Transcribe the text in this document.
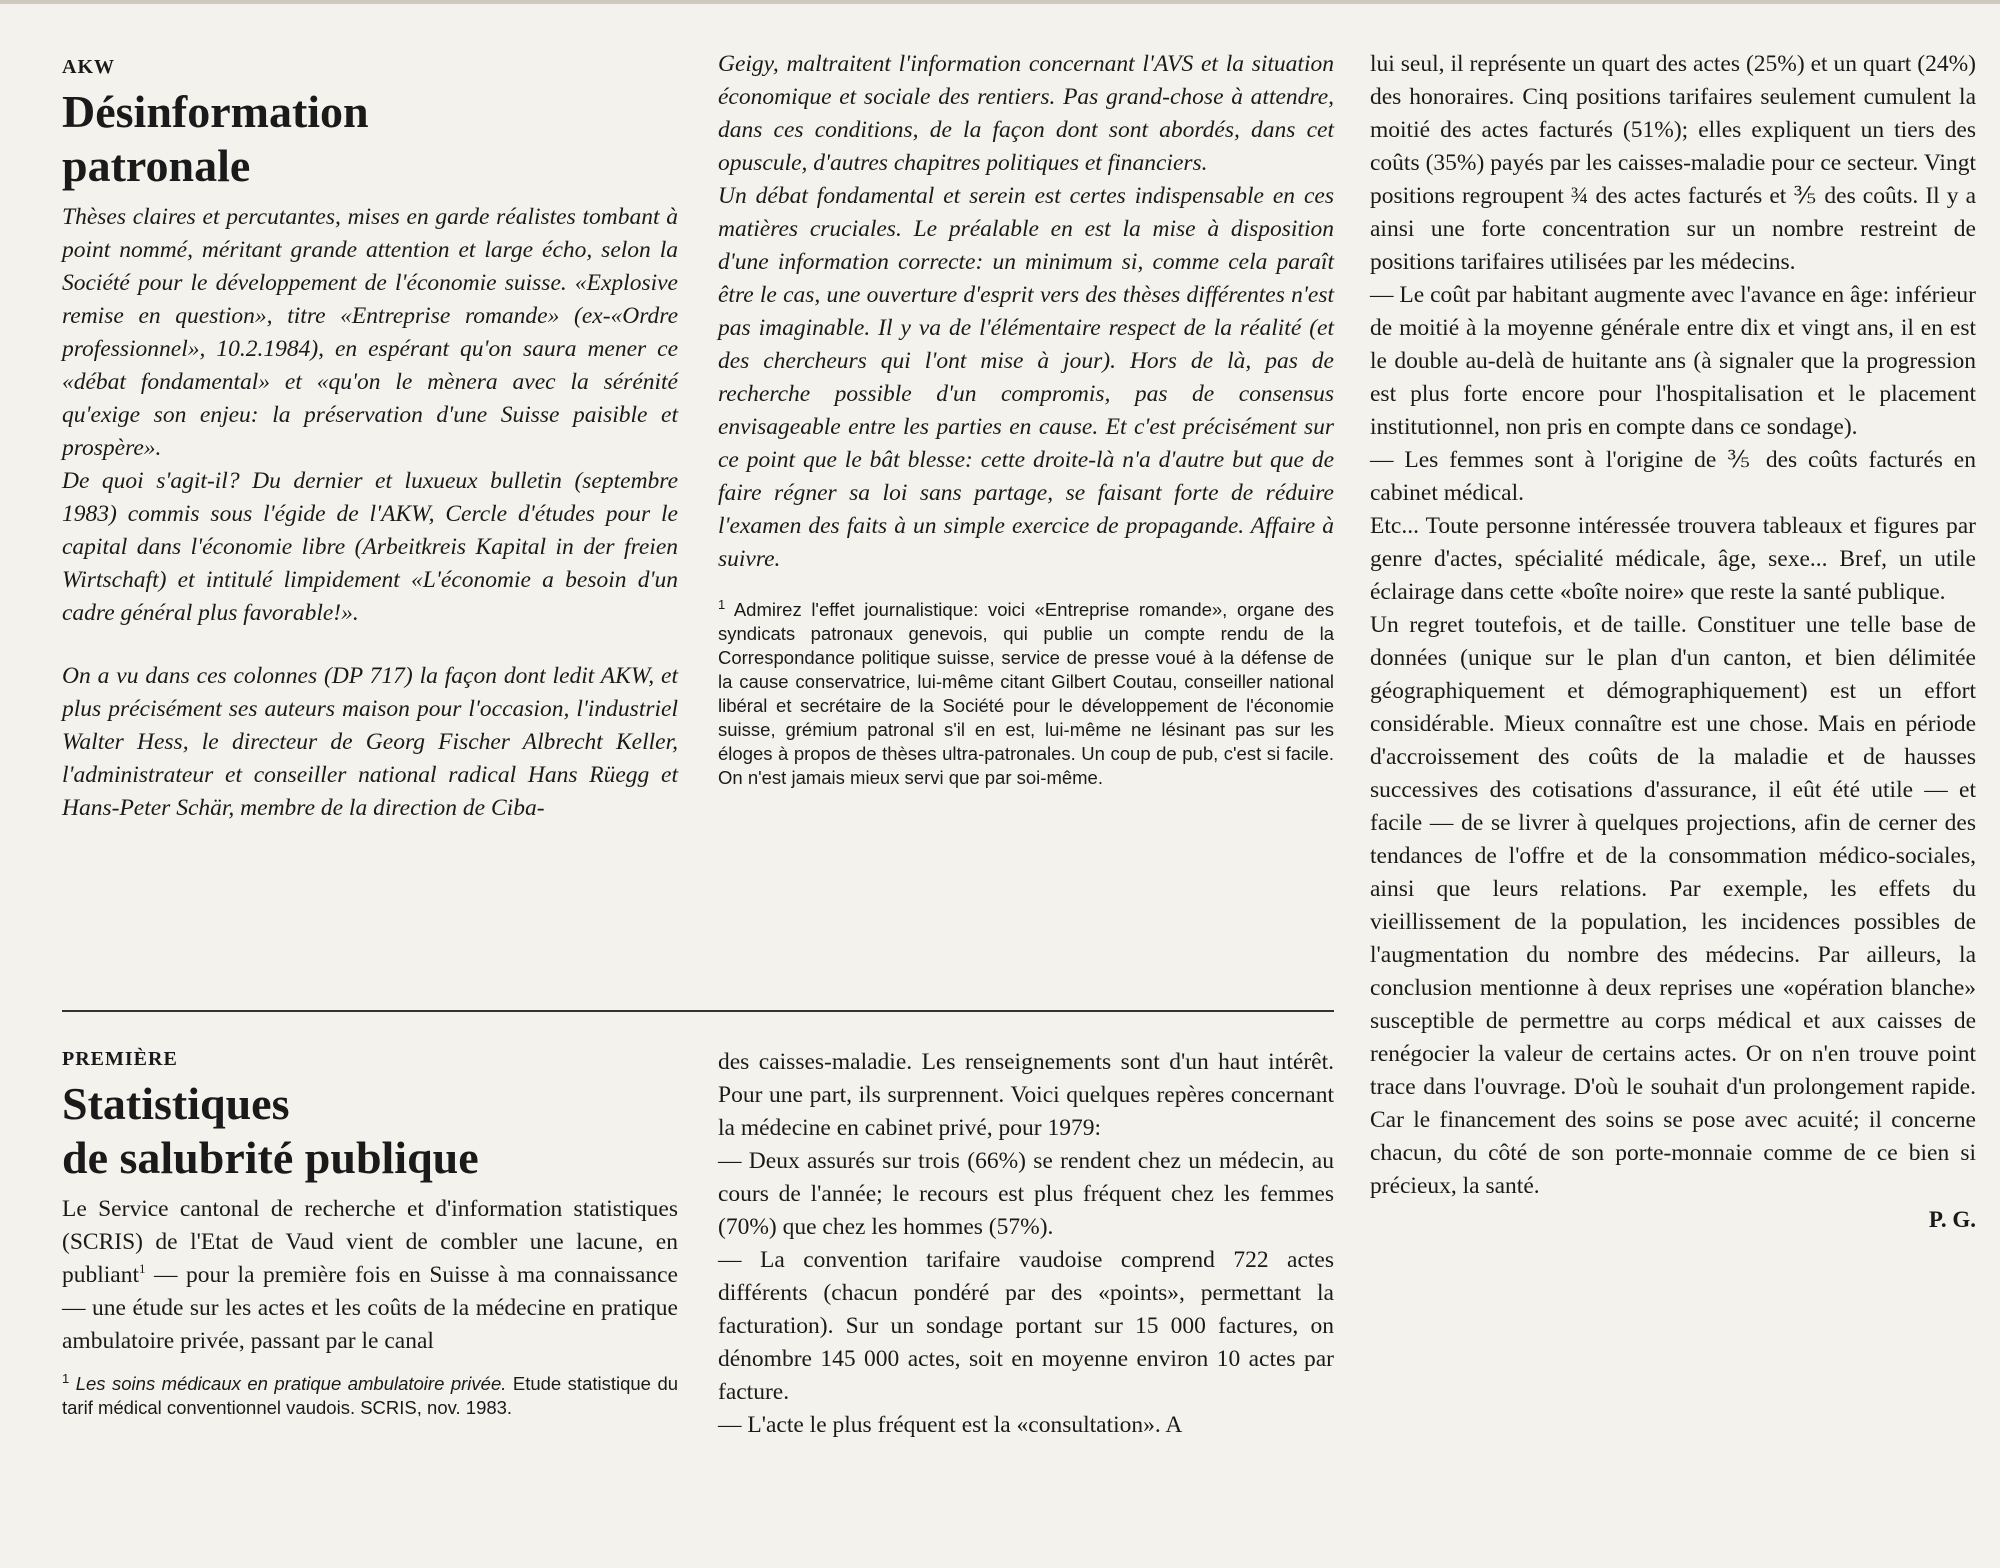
AKW
Désinformation
patronale

Thèses claires et percutantes, mises en garde réalistes tombant à point nommé, méritant grande attention et large écho, selon la Société pour le développement de l'économie suisse. «Explosive remise en question», titre «Entreprise romande» (ex-«Ordre professionnel», 10.2.1984), en espérant qu'on saura mener ce «débat fondamental» et «qu'on le mènera avec la sérénité qu'exige son enjeu: la préservation d'une Suisse paisible et prospère».

De quoi s'agit-il? Du dernier et luxueux bulletin (septembre 1983) commis sous l'égide de l'AKW, Cercle d'études pour le capital dans l'économie libre (Arbeitkreis Kapital in der freien Wirtschaft) et intitulé limpidement «L'économie a besoin d'un cadre général plus favorable!».

On a vu dans ces colonnes (DP 717) la façon dont ledit AKW, et plus précisément ses auteurs maison pour l'occasion, l'industriel Walter Hess, le directeur de Georg Fischer Albrecht Keller, l'administrateur et conseiller national radical Hans Rüegg et Hans-Peter Schär, membre de la direction de Ciba-

Geigy, maltraitent l'information concernant l'AVS et la situation économique et sociale des rentiers. Pas grand-chose à attendre, dans ces conditions, de la façon dont sont abordés, dans cet opuscule, d'autres chapitres politiques et financiers.

Un débat fondamental et serein est certes indispensable en ces matières cruciales. Le préalable en est la mise à disposition d'une information correcte: un minimum si, comme cela paraît être le cas, une ouverture d'esprit vers des thèses différentes n'est pas imaginable. Il y va de l'élémentaire respect de la réalité (et des chercheurs qui l'ont mise à jour). Hors de là, pas de recherche possible d'un compromis, pas de consensus envisageable entre les parties en cause. Et c'est précisément sur ce point que le bât blesse: cette droite-là n'a d'autre but que de faire régner sa loi sans partage, se faisant forte de réduire l'examen des faits à un simple exercice de propagande. Affaire à suivre.

$^1$ Admirez l'effet journalistique: voici «Entreprise romande», organe des syndicats patronaux genevois, qui publie un compte rendu de la Correspondance politique suisse, service de presse voué à la défense de la cause conservatrice, lui-même citant Gilbert Coutau, conseiller national libéral et secrétaire de la Société pour le développement de l'économie suisse, grémium patronal s'il en est, lui-même ne lésinant pas sur les éloges à propos de thèses ultra-patronales. Un coup de pub, c'est si facile. On n'est jamais mieux servi que par soi-même.

PREMIÈRE
Statistiques
de salubrité publique

Le Service cantonal de recherche et d'information statistiques (SCRIS) de l'Etat de Vaud vient de combler une lacune, en publiant$^1$ — pour la première fois en Suisse à ma connaissance — une étude sur les actes et les coûts de la médecine en pratique ambulatoire privée, passant par le canal

$^1$ Les soins médicaux en pratique ambulatoire privée. Etude statistique du tarif médical conventionnel vaudois. SCRIS, nov. 1983.

des caisses-maladie. Les renseignements sont d'un haut intérêt. Pour une part, ils surprennent. Voici quelques repères concernant la médecine en cabinet privé, pour 1979:

— Deux assurés sur trois (66%) se rendent chez un médecin, au cours de l'année; le recours est plus fréquent chez les femmes (70%) que chez les hommes (57%).

— La convention tarifaire vaudoise comprend 722 actes différents (chacun pondéré par des «points», permettant la facturation). Sur un sondage portant sur 15 000 factures, on dénombre 145 000 actes, soit en moyenne environ 10 actes par facture.

— L'acte le plus fréquent est la «consultation». A

lui seul, il représente un quart des actes (25%) et un quart (24%) des honoraires. Cinq positions tarifaires seulement cumulent la moitié des actes facturés (51%); elles expliquent un tiers des coûts (35%) payés par les caisses-maladie pour ce secteur. Vingt positions regroupent ¾ des actes facturés et ⅗ des coûts. Il y a ainsi une forte concentration sur un nombre restreint de positions tarifaires utilisées par les médecins.

— Le coût par habitant augmente avec l'avance en âge: inférieur de moitié à la moyenne générale entre dix et vingt ans, il en est le double au-delà de huitante ans (à signaler que la progression est plus forte encore pour l'hospitalisation et le placement institutionnel, non pris en compte dans ce sondage).

— Les femmes sont à l'origine de ⅗ des coûts facturés en cabinet médical.

Etc... Toute personne intéressée trouvera tableaux et figures par genre d'actes, spécialité médicale, âge, sexe... Bref, un utile éclairage dans cette «boîte noire» que reste la santé publique.

Un regret toutefois, et de taille. Constituer une telle base de données (unique sur le plan d'un canton, et bien délimitée géographiquement et démographiquement) est un effort considérable. Mieux connaître est une chose. Mais en période d'accroissement des coûts de la maladie et de hausses successives des cotisations d'assurance, il eût été utile — et facile — de se livrer à quelques projections, afin de cerner des tendances de l'offre et de la consommation médico-sociales, ainsi que leurs relations. Par exemple, les effets du vieillissement de la population, les incidences possibles de l'augmentation du nombre des médecins. Par ailleurs, la conclusion mentionne à deux reprises une «opération blanche» susceptible de permettre au corps médical et aux caisses de renégocier la valeur de certains actes. Or on n'en trouve point trace dans l'ouvrage. D'où le souhait d'un prolongement rapide. Car le financement des soins se pose avec acuité; il concerne chacun, du côté de son porte-monnaie comme de ce bien si précieux, la santé.

P. G.
